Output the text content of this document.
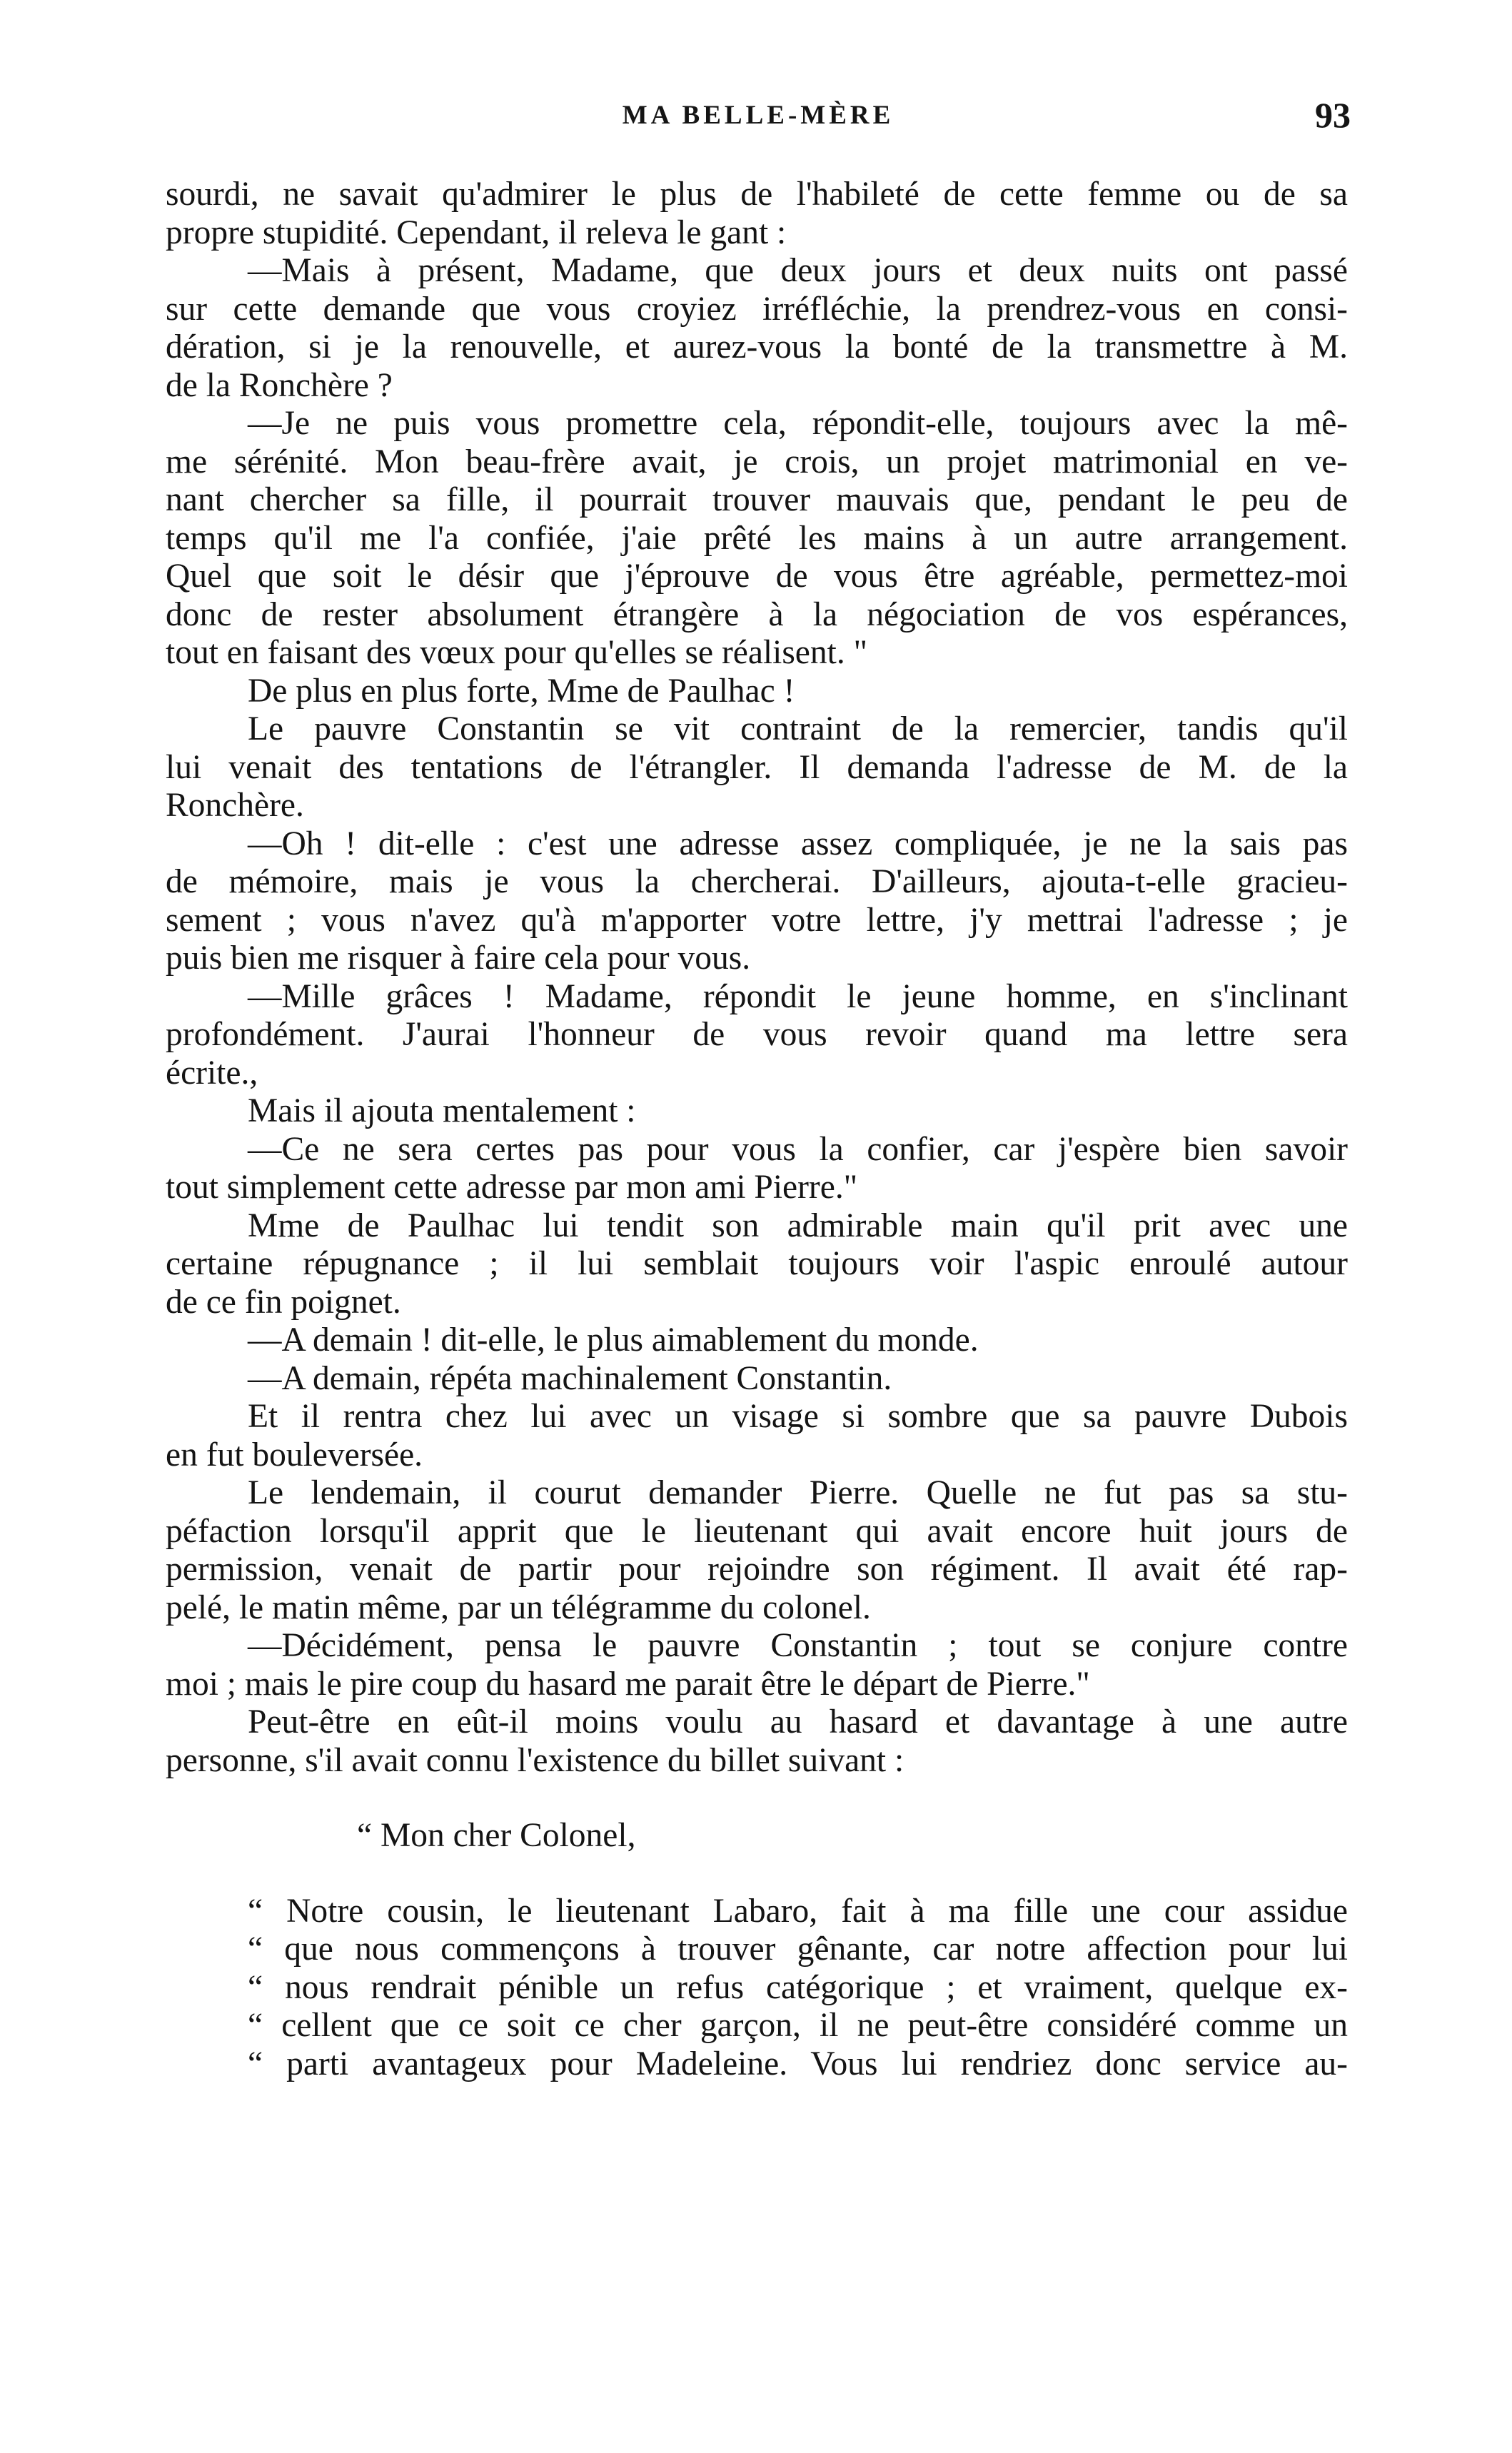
MA BELLE-MÈRE	93

sourdi, ne savait qu'admirer le plus de l'habileté de cette femme ou de sa

propre stupidité. Cependant, il releva le gant :

—Mais à présent, Madame, que deux jours et deux nuits ont passé

sur cette demande que vous croyiez irréfléchie, la prendrez-vous en consi-

dération, si je la renouvelle, et aurez-vous la bonté de la transmettre à M.

de la Ronchère ?

—Je ne puis vous promettre cela, répondit-elle, toujours avec la mê-

me sérénité. Mon beau-frère avait, je crois, un projet matrimonial en ve-

nant chercher sa fille, il pourrait trouver mauvais que, pendant le peu de

temps qu'il me l'a confiée, j'aie prêté les mains à un autre arrangement.

Quel que soit le désir que j'éprouve de vous être agréable, permettez-moi

donc de rester absolument étrangère à la négociation de vos espérances,

tout en faisant des vœux pour qu'elles se réalisent. "

De plus en plus forte, Mme de Paulhac !

Le pauvre Constantin se vit contraint de la remercier, tandis qu'il

lui venait des tentations de l'étrangler. Il demanda l'adresse de M. de la

Ronchère.

—Oh ! dit-elle : c'est une adresse assez compliquée, je ne la sais pas

de mémoire, mais je vous la chercherai. D'ailleurs, ajouta-t-elle gracieu-

sement ; vous n'avez qu'à m'apporter votre lettre, j'y mettrai l'adresse ; je

puis bien me risquer à faire cela pour vous.

—Mille grâces ! Madame, répondit le jeune homme, en s'inclinant

profondément. J'aurai l'honneur de vous revoir quand ma lettre sera

écrite.,

Mais il ajouta mentalement :

—Ce ne sera certes pas pour vous la confier, car j'espère bien savoir

tout simplement cette adresse par mon ami Pierre."

Mme de Paulhac lui tendit son admirable main qu'il prit avec une

certaine répugnance ; il lui semblait toujours voir l'aspic enroulé autour

de ce fin poignet.

—A demain ! dit-elle, le plus aimablement du monde.

—A demain, répéta machinalement Constantin.

Et il rentra chez lui avec un visage si sombre que sa pauvre Dubois

en fut bouleversée.

Le lendemain, il courut demander Pierre. Quelle ne fut pas sa stu-

péfaction lorsqu'il apprit que le lieutenant qui avait encore huit jours de

permission, venait de partir pour rejoindre son régiment. Il avait été rap-

pelé, le matin même, par un télégramme du colonel.

—Décidément, pensa le pauvre Constantin ; tout se conjure contre

moi ; mais le pire coup du hasard me parait être le départ de Pierre."

Peut-être en eût-il moins voulu au hasard et davantage à une autre

personne, s'il avait connu l'existence du billet suivant :

“ Mon cher Colonel,

“ Notre cousin, le lieutenant Labaro, fait à ma fille une cour assidue

“ que nous commençons à trouver gênante, car notre affection pour lui

“ nous rendrait pénible un refus catégorique ; et vraiment, quelque ex-

“ cellent que ce soit ce cher garçon, il ne peut-être considéré comme un

“ parti avantageux pour Madeleine. Vous lui rendriez donc service au-
